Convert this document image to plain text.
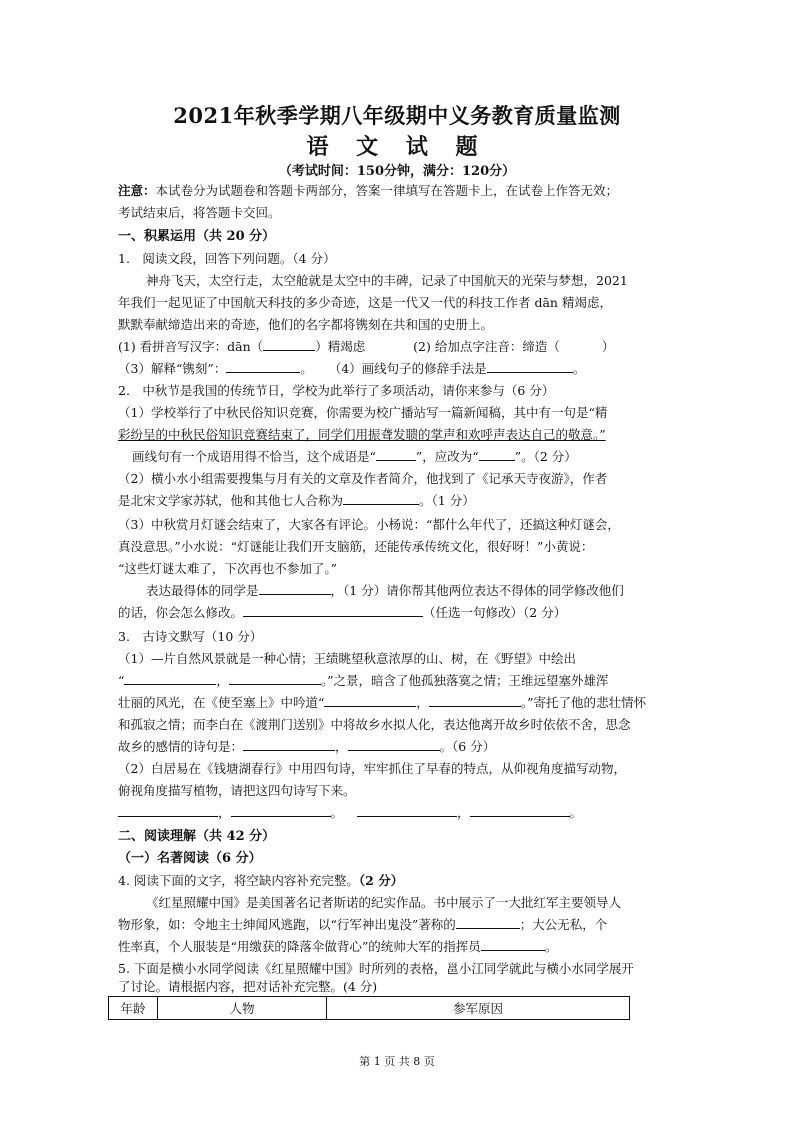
2021年秋季学期八年级期中义务教育质量监测
语 文 试 题
（考试时间：150分钟，满分：120分）
注意：本试卷分为试题卷和答题卡两部分，答案一律填写在答题卡上，在试卷上作答无效；
考试结束后，将答题卡交回。
一、积累运用（共 20 分）
1.　阅读文段，回答下列问题。（4 分）
神舟飞天，太空行走，太空舱就是太空中的丰碑，记录了中国航天的光荣与梦想，2021
年我们一起见证了中国航天科技的多少奇迹，这是一代又一代的科技工作者 dān 精竭虑，
默默奉献缔造出来的奇迹，他们的名字都将镌刻在共和国的史册上。
(1) 看拼音写汉字：dān（	）精竭虑	(2) 给加点字注音：缔造（	）
（3）解释“镌刻”：	。 （4）画线句子的修辞手法是	。
2.　中秋节是我国的传统节日，学校为此举行了多项活动，请你来参与（6 分）
（1）学校举行了中秋民俗知识竞赛，你需要为校广播站写一篇新闻稿，其中有一句是“精
彩纷呈的中秋民俗知识竞赛结束了，同学们用振聋发聩的掌声和欢呼声表达自己的敬意。”
画线句有一个成语用得不恰当，这个成语是“	”，应改为“	”。（2 分）
（2）横小水小组需要搜集与月有关的文章及作者简介，他找到了《记承天寺夜游》，作者
是北宋文学家苏轼，他和其他七人合称为	。（1 分）
（3）中秋赏月灯谜会结束了，大家各有评论。小杨说：“都什么年代了，还搞这种灯谜会，
真没意思。”小水说：“灯谜能让我们开支脑筋，还能传承传统文化，很好呀！”小黄说：
“这些灯谜太难了，下次再也不参加了。”
表达最得体的同学是	，（1 分）请你帮其他两位表达不得体的同学修改他们
的话，你会怎么修改。	（任选一句修改）（2 分）
3.　古诗文默写（10 分）
（1）—片自然风景就是一种心情；王绩眺望秋意浓厚的山、树，在《野望》中绘出
“	，	。”之景，暗含了他孤独落寞之情；王维远望塞外雄浑
壮丽的风光，在《使至塞上》中吟道“	，	。”寄托了他的悲壮情怀
和孤寂之情；而李白在《渡荆门送别》中将故乡水拟人化，表达他离开故乡时依依不舍，思念
故乡的感情的诗句是：	，	。（6 分）
（2）白居易在《钱塘湖春行》中用四句诗，牢牢抓住了早春的特点，从仰视角度描写动物，
俯视角度描写植物，请把这四句诗写下来。
，	。	，	。
二、阅读理解（共 42 分）
（一）名著阅读（6 分）
4. 阅读下面的文字，将空缺内容补充完整。（2 分）
《红星照耀中国》是美国著名记者斯诺的纪实作品。书中展示了一大批红军主要领导人
物形象，如：令地主士绅闻风逃跑，以“行军神出鬼没”著称的	；大公无私，个
性率真，个人服装是“用缴获的降落伞做背心”的统帅大军的指挥员	。
5. 下面是横小水同学阅读《红星照耀中国》时所列的表格，邕小江同学就此与横小水同学展开
了讨论。请根据内容，把对话补充完整。(4 分)
年龄	人物	参军原因
第 1 页 共 8 页
